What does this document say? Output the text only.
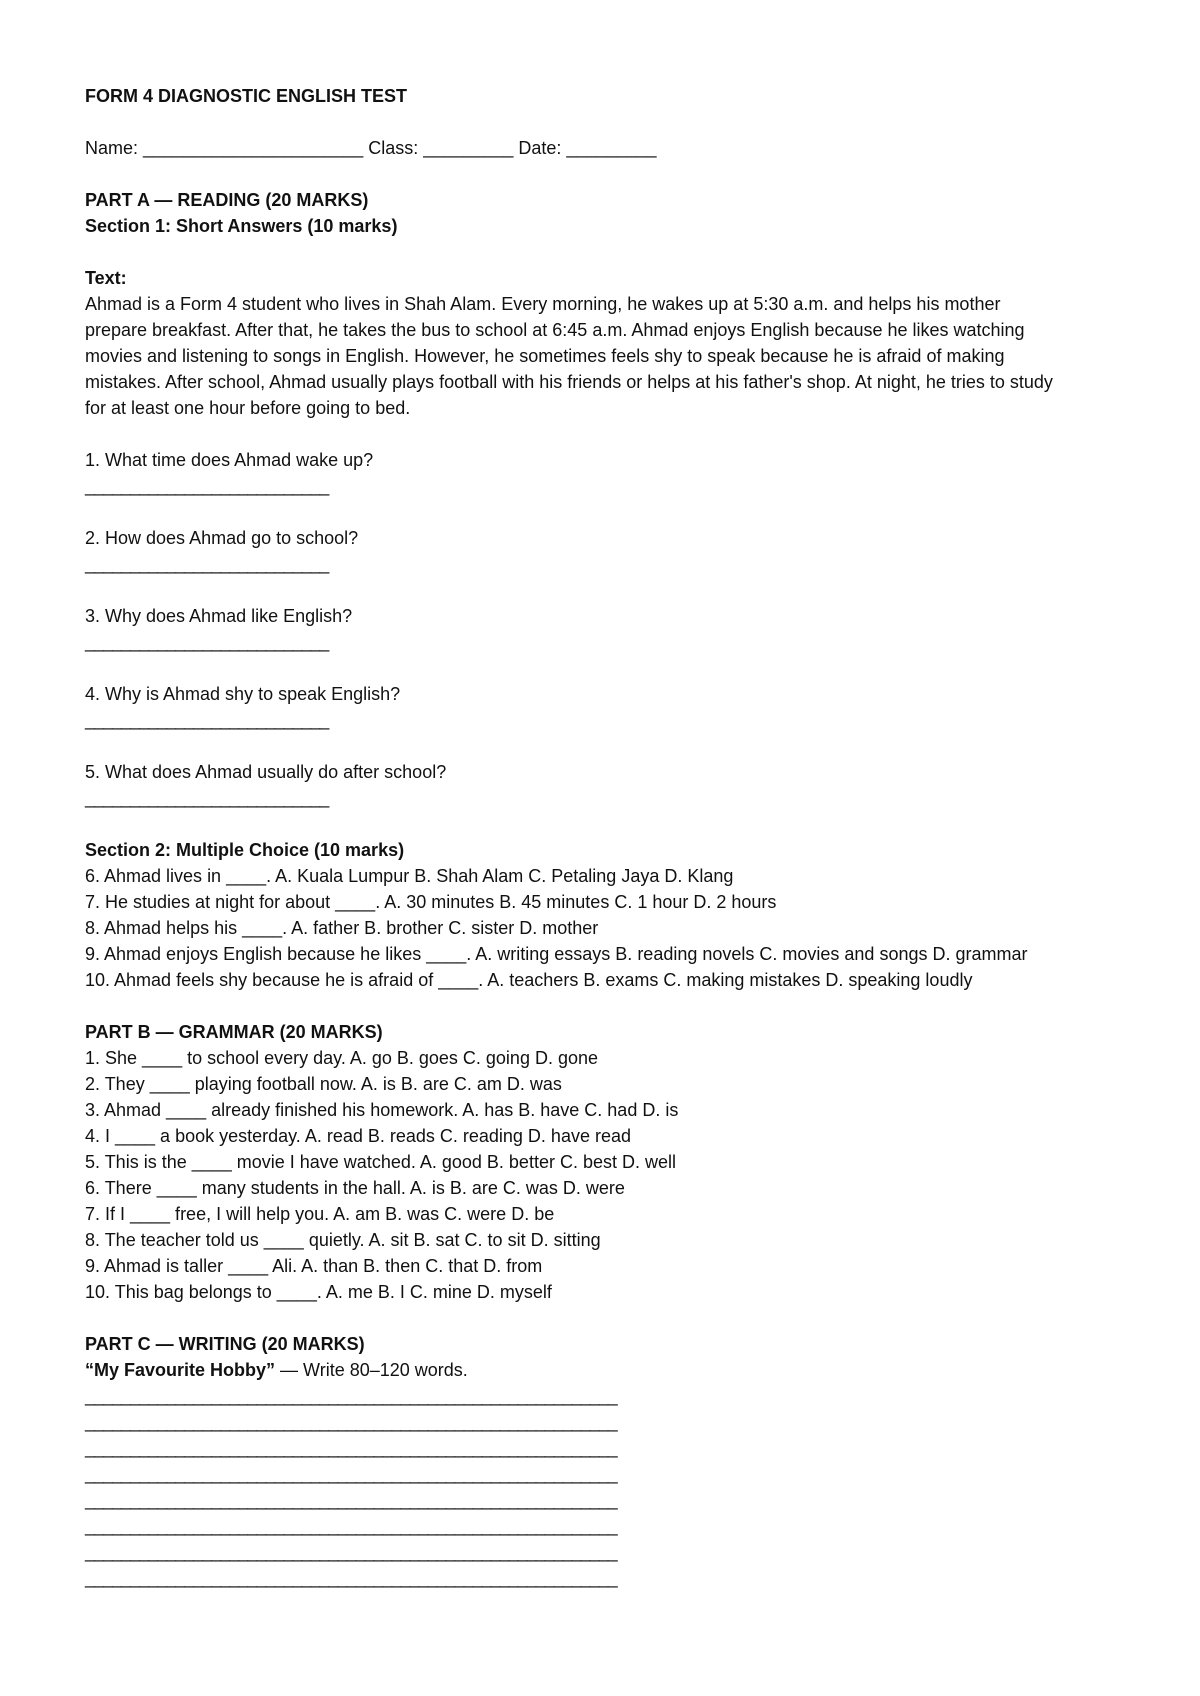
FORM 4 DIAGNOSTIC ENGLISH TEST
Name: ______________________ Class: _________ Date: _________
PART A — READING (20 MARKS)
Section 1: Short Answers (10 marks)
Text:
Ahmad is a Form 4 student who lives in Shah Alam. Every morning, he wakes up at 5:30 a.m. and helps his mother
prepare breakfast. After that, he takes the bus to school at 6:45 a.m. Ahmad enjoys English because he likes watching
movies and listening to songs in English. However, he sometimes feels shy to speak because he is afraid of making
mistakes. After school, Ahmad usually plays football with his friends or helps at his father's shop. At night, he tries to study
for at least one hour before going to bed.
1. What time does Ahmad wake up?
___________________________
2. How does Ahmad go to school?
___________________________
3. Why does Ahmad like English?
___________________________
4. Why is Ahmad shy to speak English?
___________________________
5. What does Ahmad usually do after school?
___________________________
Section 2: Multiple Choice (10 marks)
6. Ahmad lives in ____. A. Kuala Lumpur B. Shah Alam C. Petaling Jaya D. Klang
7. He studies at night for about ____. A. 30 minutes B. 45 minutes C. 1 hour D. 2 hours
8. Ahmad helps his ____. A. father B. brother C. sister D. mother
9. Ahmad enjoys English because he likes ____. A. writing essays B. reading novels C. movies and songs D. grammar
10. Ahmad feels shy because he is afraid of ____. A. teachers B. exams C. making mistakes D. speaking loudly
PART B — GRAMMAR (20 MARKS)
1. She ____ to school every day. A. go B. goes C. going D. gone
2. They ____ playing football now. A. is B. are C. am D. was
3. Ahmad ____ already finished his homework. A. has B. have C. had D. is
4. I ____ a book yesterday. A. read B. reads C. reading D. have read
5. This is the ____ movie I have watched. A. good B. better C. best D. well
6. There ____ many students in the hall. A. is B. are C. was D. were
7. If I ____ free, I will help you. A. am B. was C. were D. be
8. The teacher told us ____ quietly. A. sit B. sat C. to sit D. sitting
9. Ahmad is taller ____ Ali. A. than B. then C. that D. from
10. This bag belongs to ____. A. me B. I C. mine D. myself
PART C — WRITING (20 MARKS)
“My Favourite Hobby” — Write 80–120 words.
___________________________________________________________
___________________________________________________________
___________________________________________________________
___________________________________________________________
___________________________________________________________
___________________________________________________________
___________________________________________________________
___________________________________________________________
